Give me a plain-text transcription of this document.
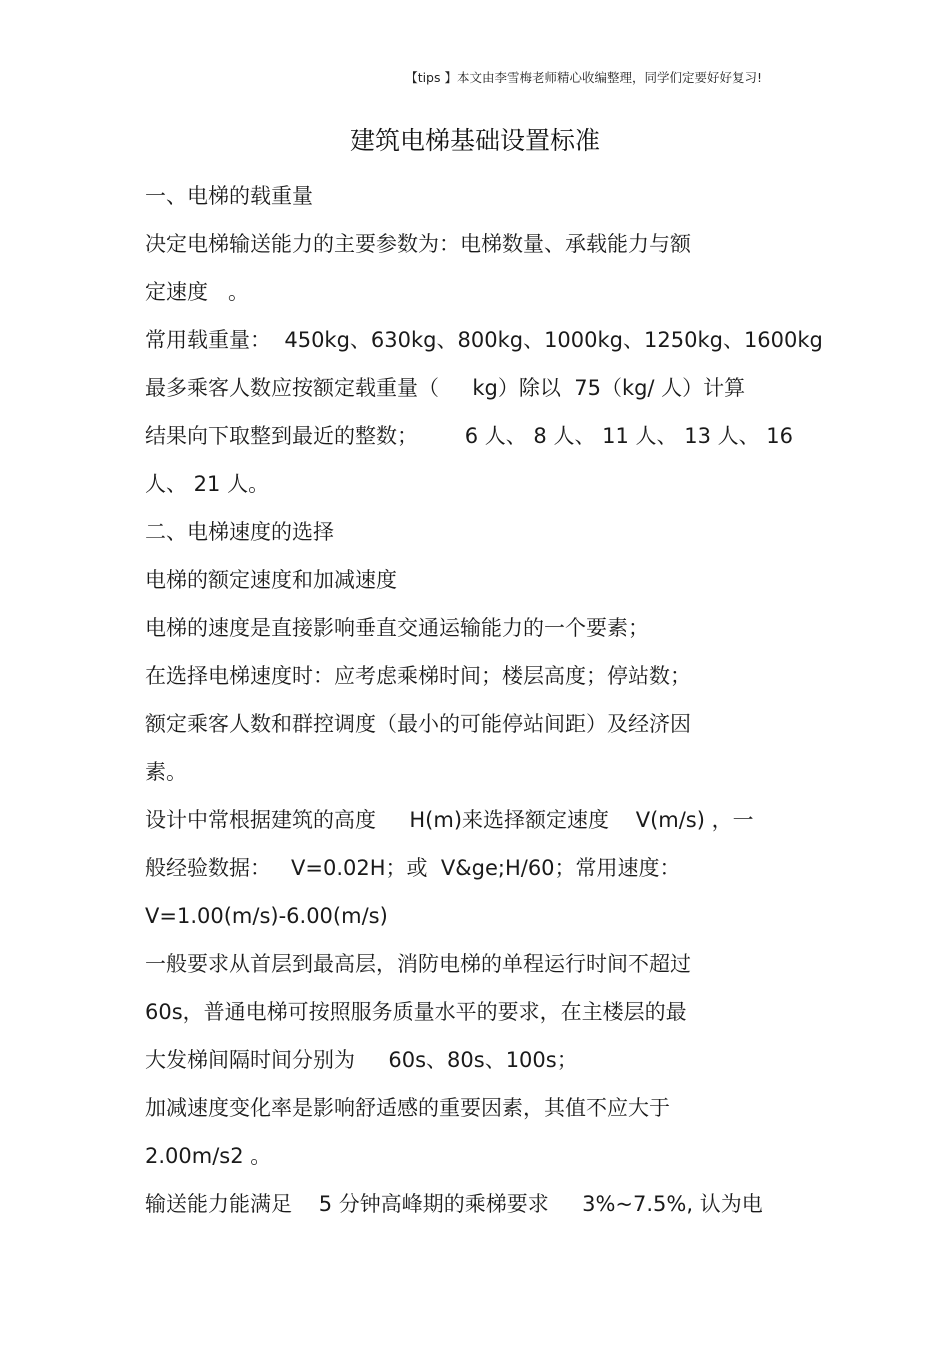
【tips 】本文由李雪梅老师精心收编整理，同学们定要好好复习!
建筑电梯基础设置标准
一、电梯的载重量
决定电梯输送能力的主要参数为：电梯数量、承载能力与额
定速度   。
常用载重量：  450kg、630kg、800kg、1000kg、1250kg、1600kg
最多乘客人数应按额定载重量（     kg）除以  75（kg/ 人）计算
结果向下取整到最近的整数；       6 人、 8 人、 11 人、 13 人、 16
人、 21 人。
二、电梯速度的选择
电梯的额定速度和加减速度
电梯的速度是直接影响垂直交通运输能力的一个要素；
在选择电梯速度时：应考虑乘梯时间；楼层高度；停站数；
额定乘客人数和群控调度（最小的可能停站间距）及经济因
素。
设计中常根据建筑的高度     H(m)来选择额定速度    V(m/s) ，一
般经验数据：   V=0.02H；或  V&ge;H/60；常用速度：
V=1.00(m/s)-6.00(m/s)
一般要求从首层到最高层，消防电梯的单程运行时间不超过
60s，普通电梯可按照服务质量水平的要求，在主楼层的最
大发梯间隔时间分别为     60s、80s、100s；
加减速度变化率是影响舒适感的重要因素，其值不应大于
2.00m/s2 。
输送能力能满足    5 分钟高峰期的乘梯要求     3%~7.5%, 认为电
